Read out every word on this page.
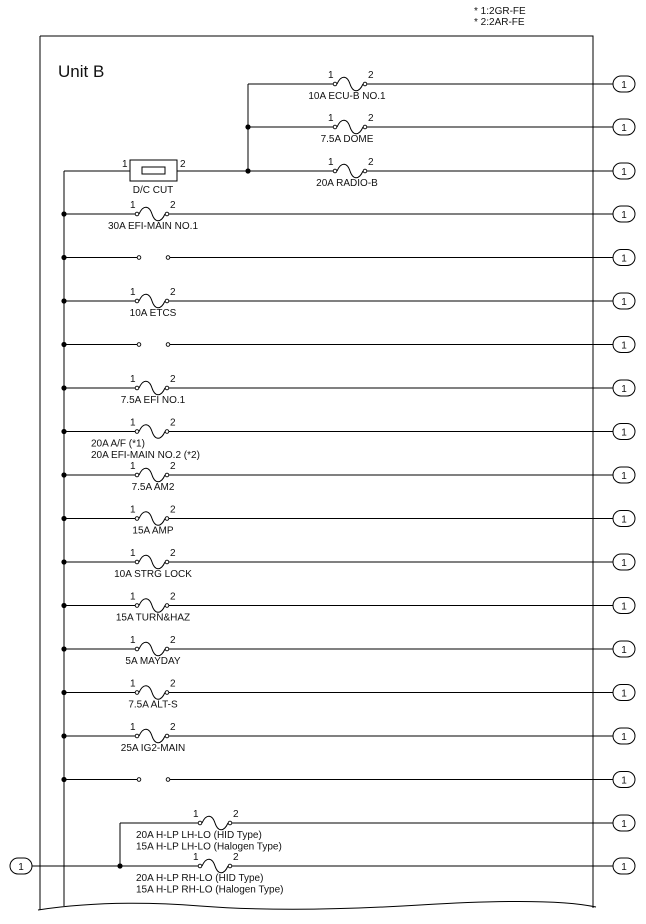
* 1:2GR-FE
* 2:2AR-FE
Unit B
1	2
D/C CUT
1	2
1
10A ECU-B NO.1
1	2
1
7.5A DOME
1	2
1
20A RADIO-B
1	2
30A EFI-MAIN NO.1
1
1
1	2
10A ETCS
1
1
1	2
7.5A EFI NO.1
1
1	2
20A A/F (*1)
20A EFI-MAIN NO.2 (*2)
1
1	2
7.5A AM2
1
1	2
15A AMP
1
1	2
10A STRG LOCK
1
1	2
15A TURN&HAZ
1
1	2
5A MAYDAY
1
1	2
7.5A ALT-S
1
1	2
25A IG2-MAIN
1
1
1
1	2
1
20A H-LP LH-LO (HID Type)
15A H-LP LH-LO (Halogen Type)
1	2
1
20A H-LP RH-LO (HID Type)
15A H-LP RH-LO (Halogen Type)
